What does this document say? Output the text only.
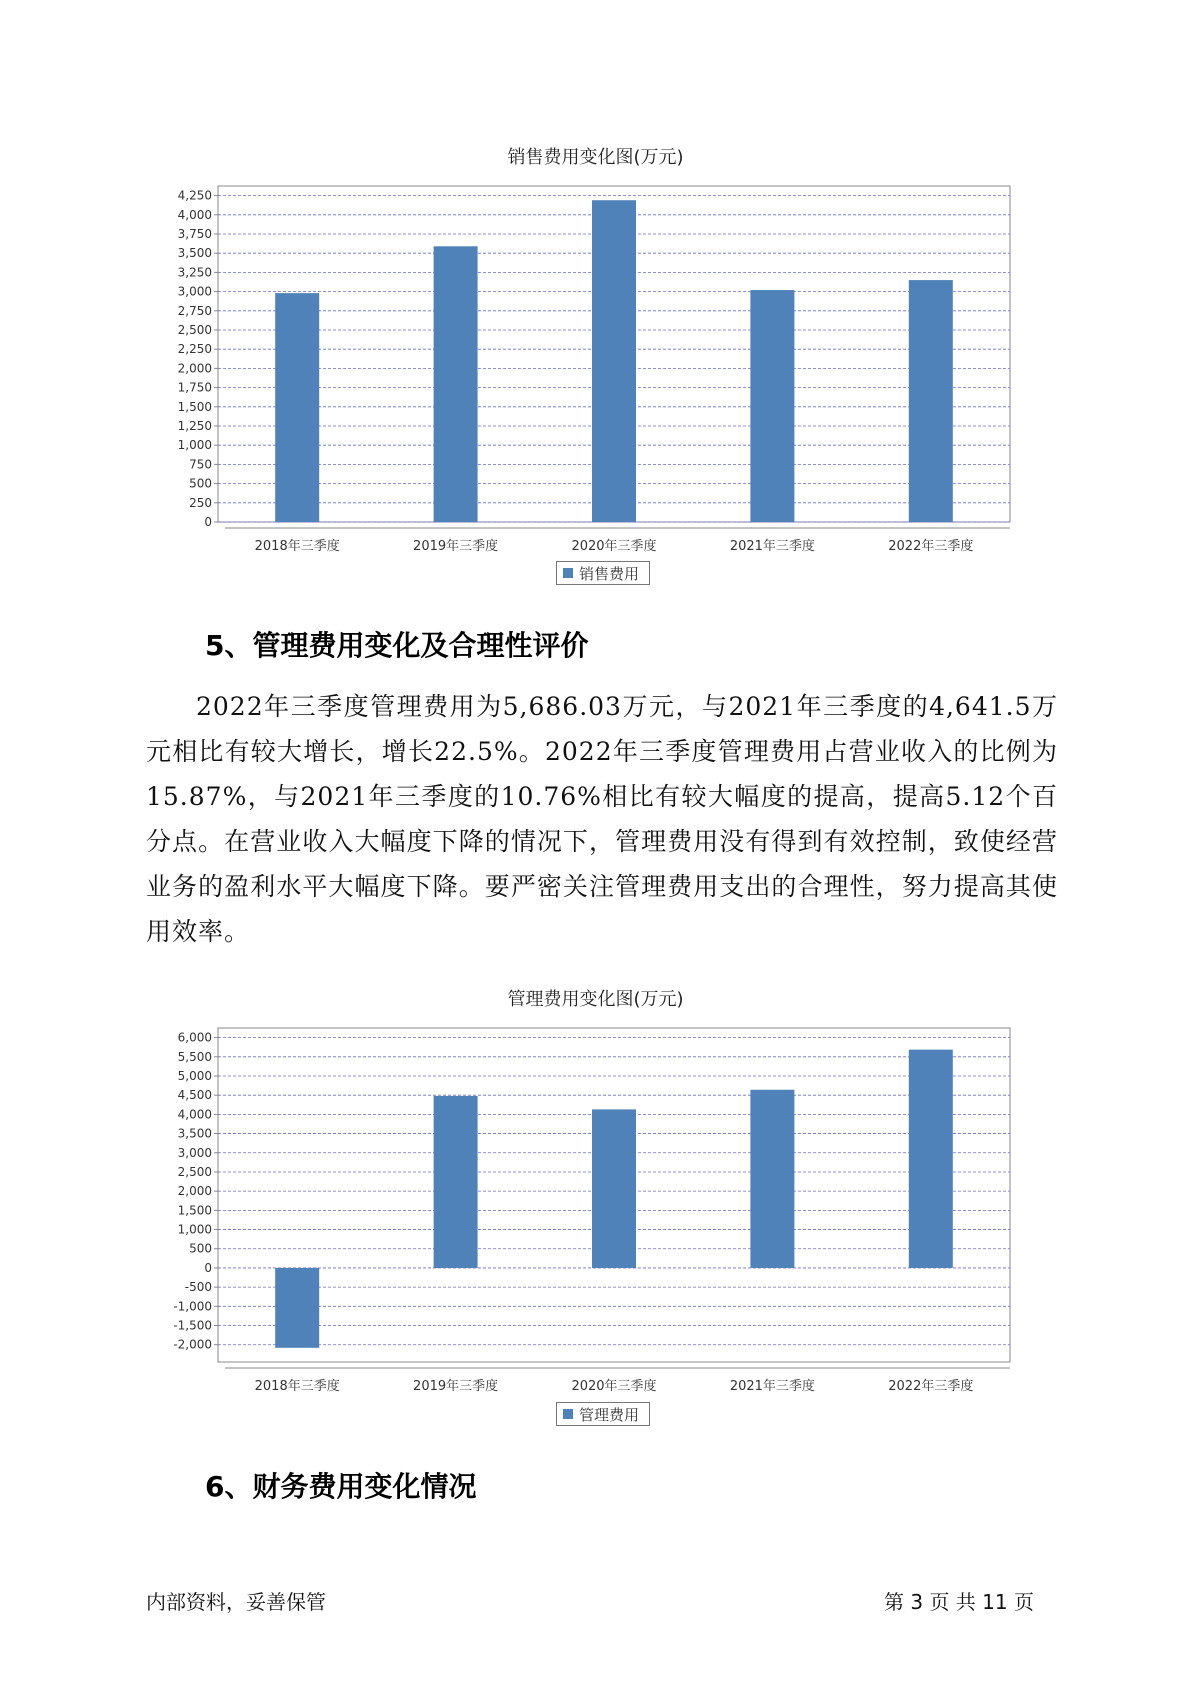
销售费用变化图(万元)
0
250
500
750
1,000
1,250
1,500
1,750
2,000
2,250
2,500
2,750
3,000
3,250
3,500
3,750
4,000
4,250
2018年三季度	2019年三季度	2020年三季度	2021年三季度	2022年三季度
销售费用
5、管理费用变化及合理性评价

2022年三季度管理费用为5,686.03万元，与2021年三季度的4,641.5万元相比有较大增长，增长22.5%。2022年三季度管理费用占营业收入的比例为15.87%，与2021年三季度的10.76%相比有较大幅度的提高，提高5.12个百分点。在营业收入大幅度下降的情况下，管理费用没有得到有效控制，致使经营业务的盈利水平大幅度下降。要严密关注管理费用支出的合理性，努力提高其使用效率。

管理费用变化图(万元)
-2,000
-1,500
-1,000
-500
0
500
1,000
1,500
2,000
2,500
3,000
3,500
4,000
4,500
5,000
5,500
6,000
2018年三季度	2019年三季度	2020年三季度	2021年三季度	2022年三季度
管理费用
6、财务费用变化情况
内部资料，妥善保管	第 3 页 共 11 页
